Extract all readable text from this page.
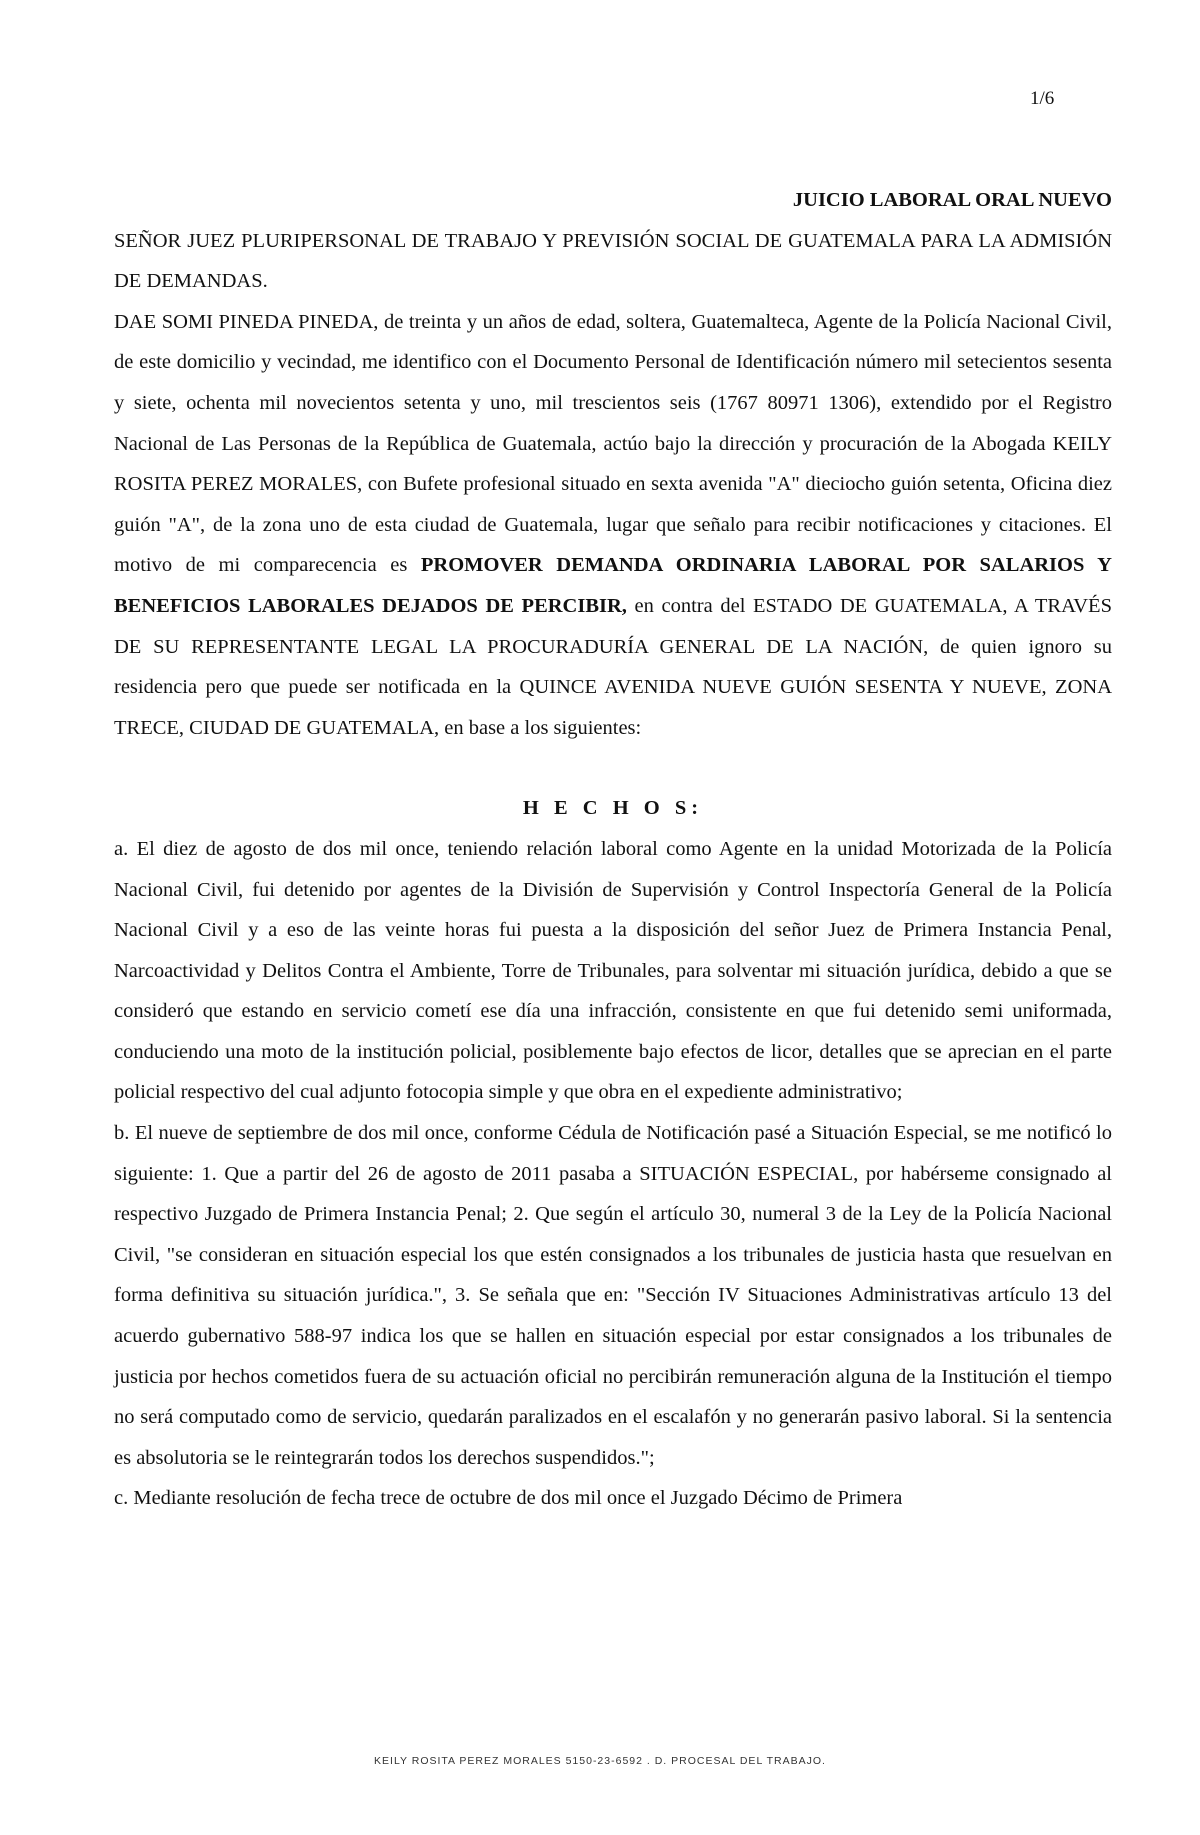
1/6

JUICIO LABORAL ORAL NUEVO

SEÑOR JUEZ PLURIPERSONAL DE TRABAJO Y PREVISIÓN SOCIAL DE GUATEMALA PARA LA ADMISIÓN DE DEMANDAS.

DAE SOMI PINEDA PINEDA, de treinta y un años de edad, soltera, Guatemalteca, Agente de la Policía Nacional Civil, de este domicilio y vecindad, me identifico con el Documento Personal de Identificación número mil setecientos sesenta y siete, ochenta mil novecientos setenta y uno, mil trescientos seis (1767 80971 1306), extendido por el Registro Nacional de Las Personas de la República de Guatemala, actúo bajo la dirección y procuración de la Abogada KEILY ROSITA PEREZ MORALES, con Bufete profesional situado en sexta avenida "A" dieciocho guión setenta, Oficina diez guión "A", de la zona uno de esta ciudad de Guatemala, lugar que señalo para recibir notificaciones y citaciones. El motivo de mi comparecencia es PROMOVER DEMANDA ORDINARIA LABORAL POR SALARIOS Y BENEFICIOS LABORALES DEJADOS DE PERCIBIR, en contra del ESTADO DE GUATEMALA, A TRAVÉS DE SU REPRESENTANTE LEGAL LA PROCURADURÍA GENERAL DE LA NACIÓN, de quien ignoro su residencia pero que puede ser notificada en la QUINCE AVENIDA NUEVE GUIÓN SESENTA Y NUEVE, ZONA TRECE, CIUDAD DE GUATEMALA, en base a los siguientes:

H E C H O S:

a. El diez de agosto de dos mil once, teniendo relación laboral como Agente en la unidad Motorizada de la Policía Nacional Civil, fui detenido por agentes de la División de Supervisión y Control Inspectoría General de la Policía Nacional Civil y a eso de las veinte horas fui puesta a la disposición del señor Juez de Primera Instancia Penal, Narcoactividad y Delitos Contra el Ambiente, Torre de Tribunales, para solventar mi situación jurídica, debido a que se consideró que estando en servicio cometí ese día una infracción, consistente en que fui detenido semi uniformada, conduciendo una moto de la institución policial, posiblemente bajo efectos de licor, detalles que se aprecian en el parte policial respectivo del cual adjunto fotocopia simple y que obra en el expediente administrativo;

b. El nueve de septiembre de dos mil once, conforme Cédula de Notificación pasé a Situación Especial, se me notificó lo siguiente: 1. Que a partir del 26 de agosto de 2011 pasaba a SITUACIÓN ESPECIAL, por habérseme consignado al respectivo Juzgado de Primera Instancia Penal; 2. Que según el artículo 30, numeral 3 de la Ley de la Policía Nacional Civil, "se consideran en situación especial los que estén consignados a los tribunales de justicia hasta que resuelvan en forma definitiva su situación jurídica.", 3. Se señala que en: "Sección IV Situaciones Administrativas artículo 13 del acuerdo gubernativo 588-97 indica los que se hallen en situación especial por estar consignados a los tribunales de justicia por hechos cometidos fuera de su actuación oficial no percibirán remuneración alguna de la Institución el tiempo no será computado como de servicio, quedarán paralizados en el escalafón y no generarán pasivo laboral. Si la sentencia es absolutoria se le reintegrarán todos los derechos suspendidos.";

c. Mediante resolución de fecha trece de octubre de dos mil once el Juzgado Décimo de Primera

KEILY ROSITA PEREZ MORALES 5150-23-6592 . D. PROCESAL DEL TRABAJO.
